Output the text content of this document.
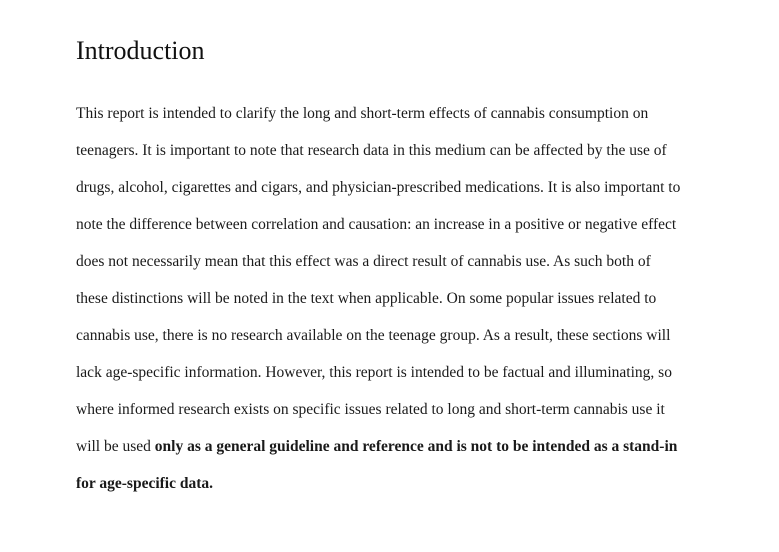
Introduction

This report is intended to clarify the long and short-term effects of cannabis consumption on

teenagers. It is important to note that research data in this medium can be affected by the use of

drugs, alcohol, cigarettes and cigars, and physician-prescribed medications. It is also important to

note the difference between correlation and causation: an increase in a positive or negative effect

does not necessarily mean that this effect was a direct result of cannabis use. As such both of

these distinctions will be noted in the text when applicable. On some popular issues related to

cannabis use, there is no research available on the teenage group. As a result, these sections will

lack age-specific information. However, this report is intended to be factual and illuminating, so

where informed research exists on specific issues related to long and short-term cannabis use it

will be used only as a general guideline and reference and is not to be intended as a stand-in

for age-specific data.
